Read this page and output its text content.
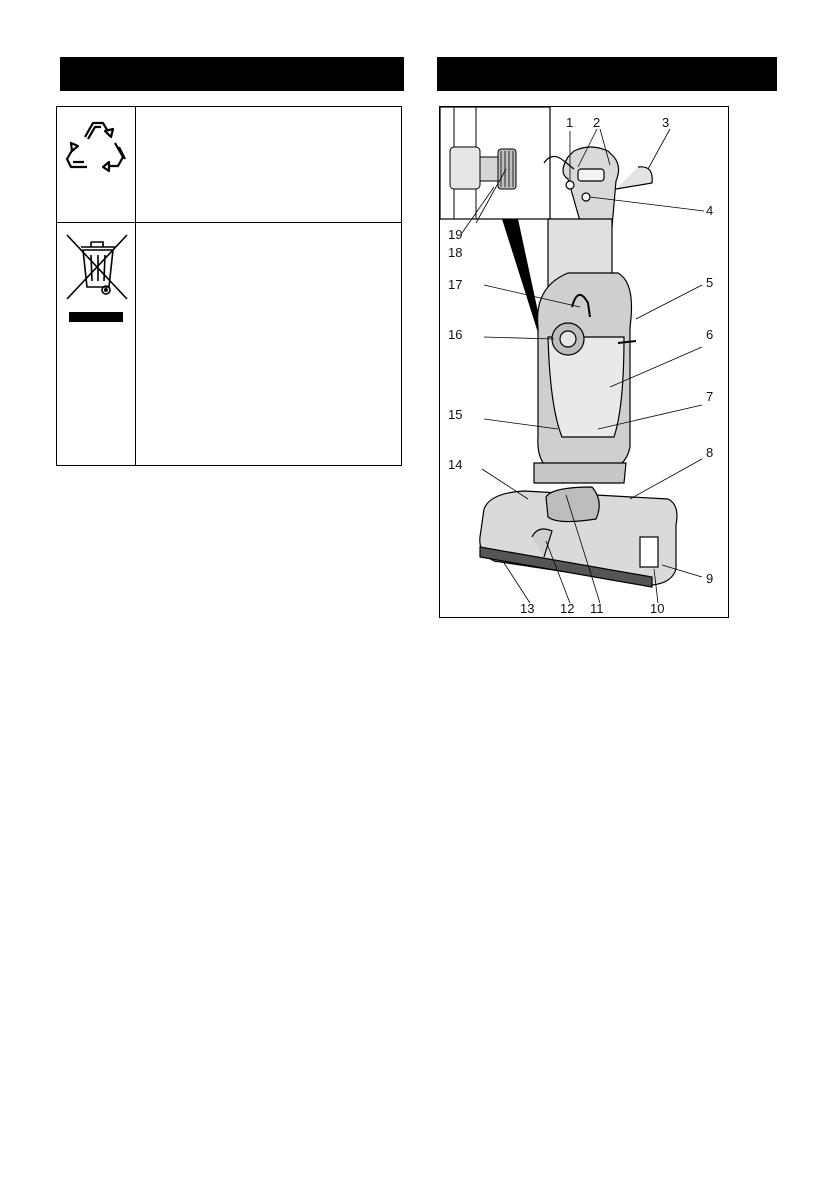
1 2	3
4
5
6
7
8
9
10
11
12
13
14
15
16
17
18
19
